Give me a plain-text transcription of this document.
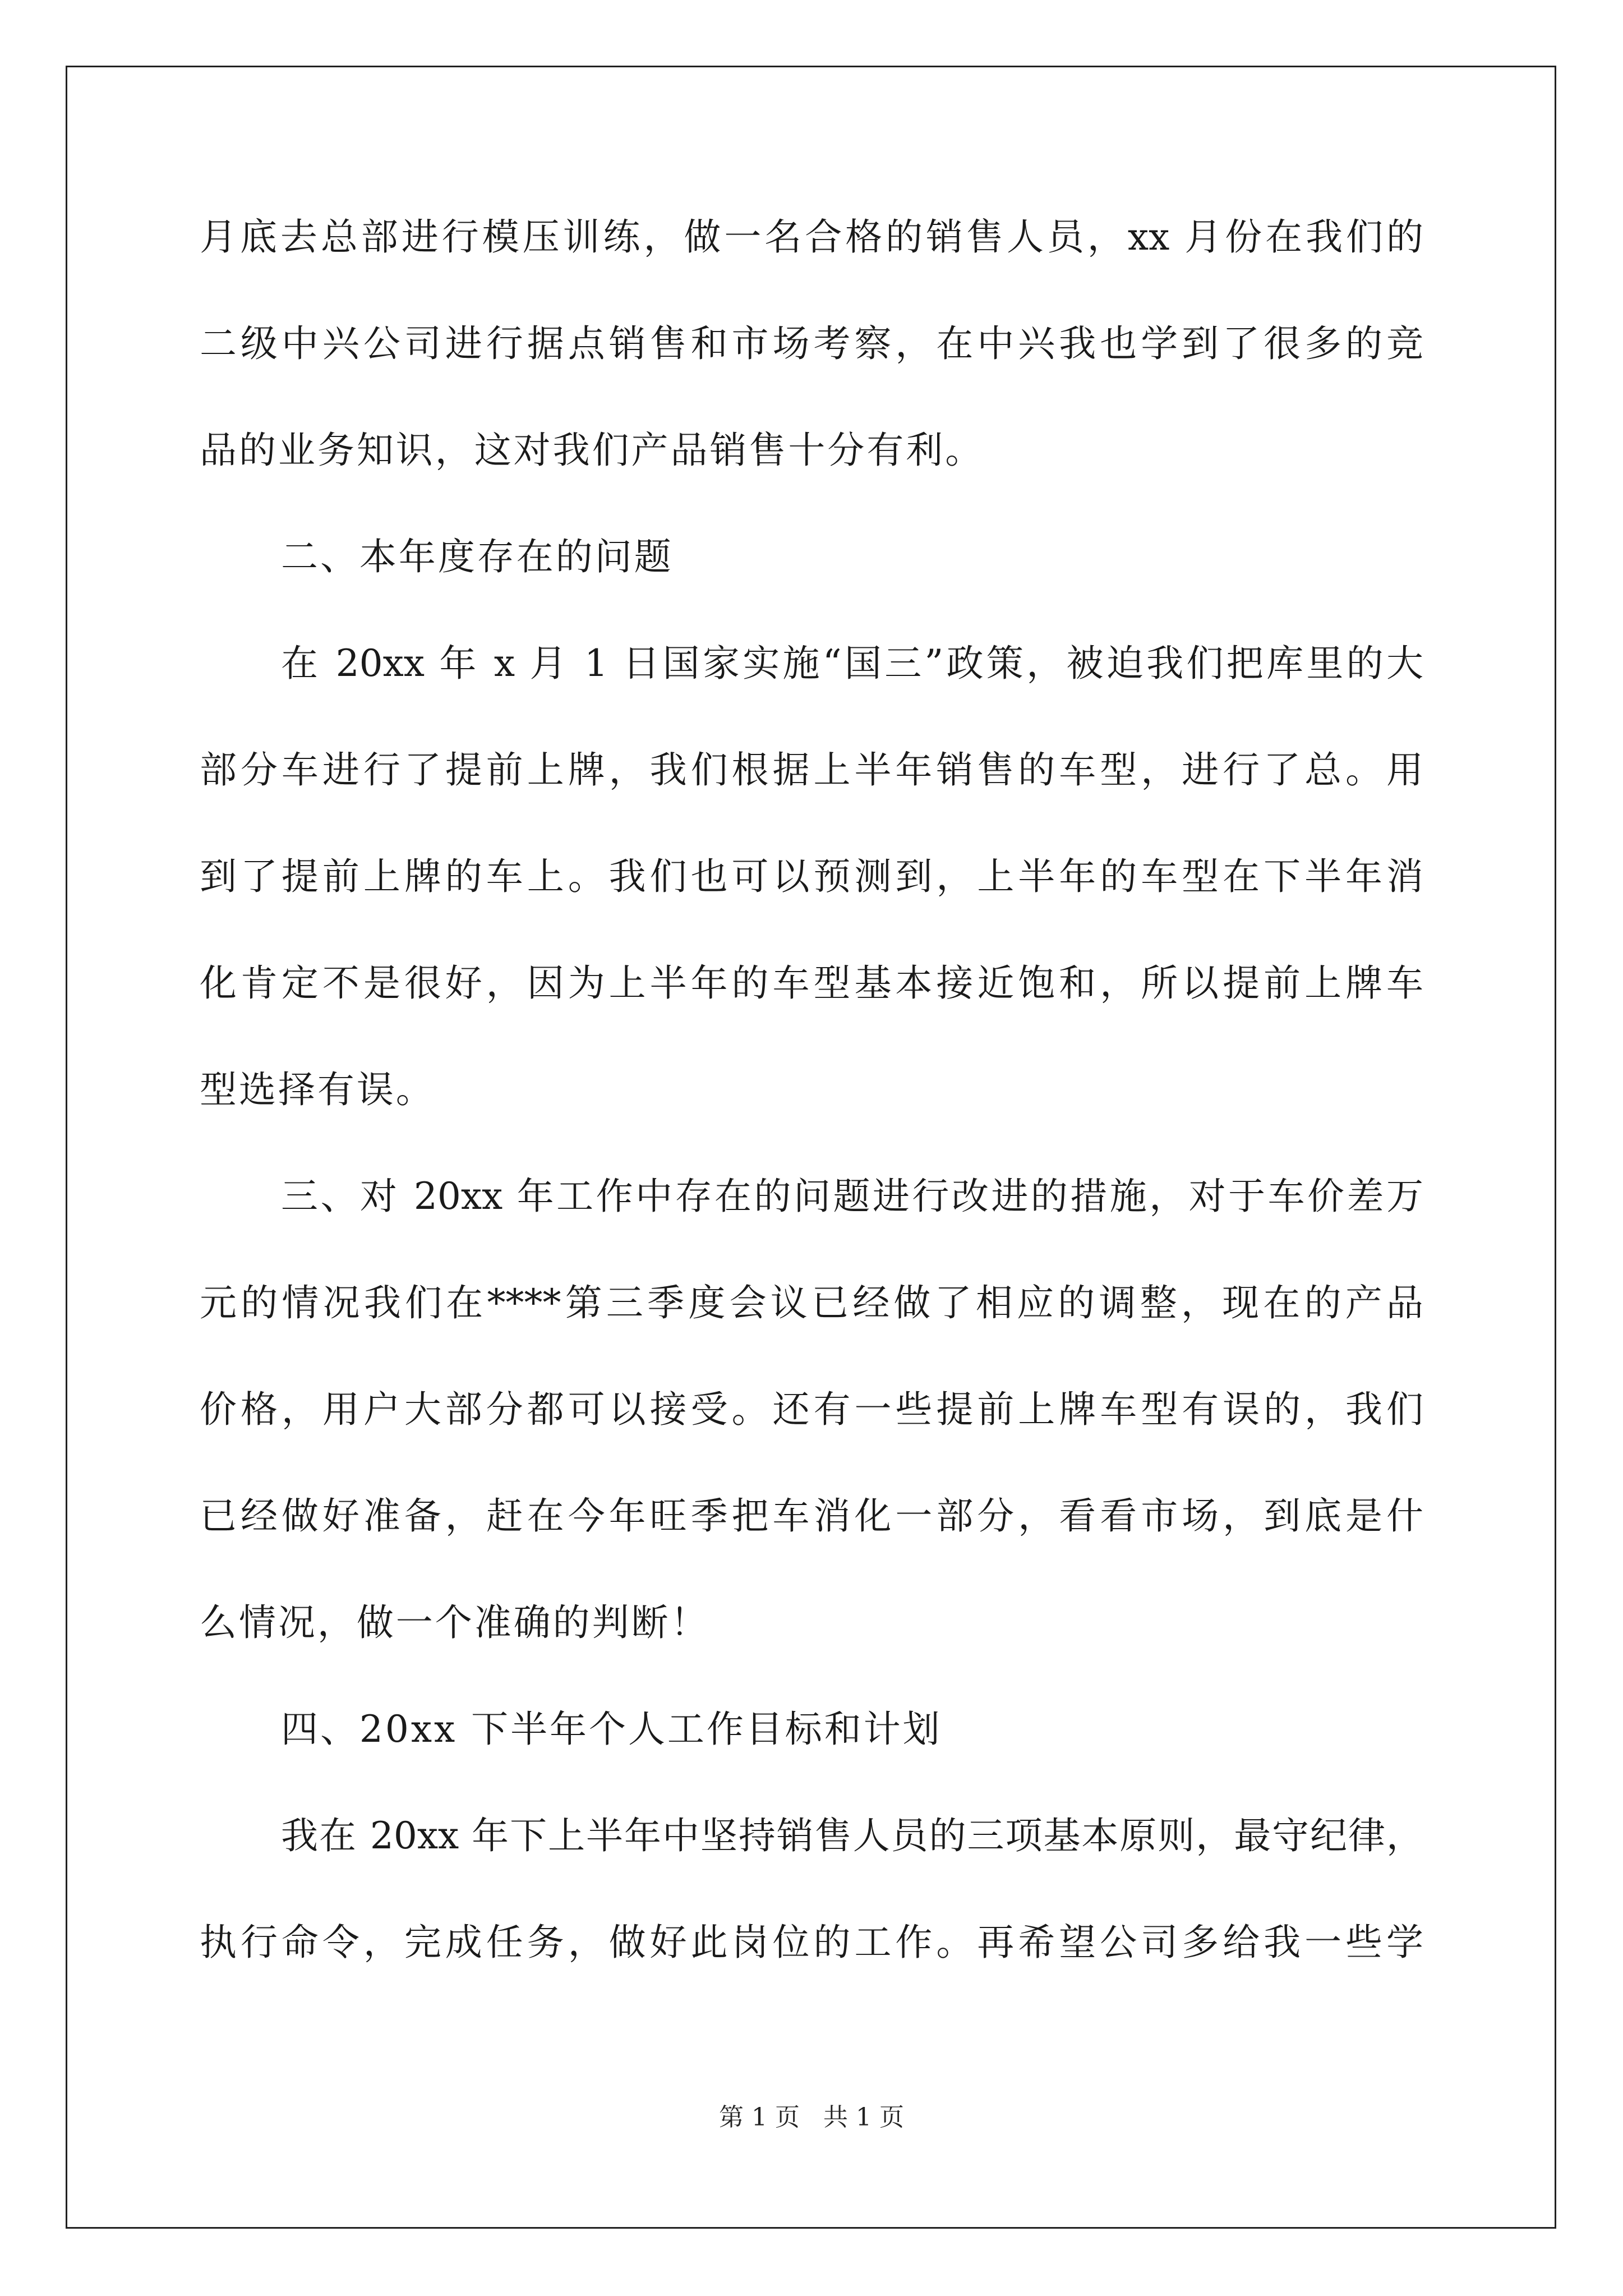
月底去总部进行模压训练，做一名合格的销售人员，xx 月份在我们的
二级中兴公司进行据点销售和市场考察，在中兴我也学到了很多的竞
品的业务知识，这对我们产品销售十分有利。
二、本年度存在的问题
在 20xx 年 x 月 1 日国家实施“国三”政策，被迫我们把库里的大
部分车进行了提前上牌，我们根据上半年销售的车型，进行了总。用
到了提前上牌的车上。我们也可以预测到，上半年的车型在下半年消
化肯定不是很好，因为上半年的车型基本接近饱和，所以提前上牌车
型选择有误。
三、对 20xx 年工作中存在的问题进行改进的措施，对于车价差万
元的情况我们在****第三季度会议已经做了相应的调整，现在的产品
价格，用户大部分都可以接受。还有一些提前上牌车型有误的，我们
已经做好准备，赶在今年旺季把车消化一部分，看看市场，到底是什
么情况，做一个准确的判断！
四、20xx 下半年个人工作目标和计划
我在 20xx 年下上半年中坚持销售人员的三项基本原则，最守纪律，
执行命令，完成任务，做好此岗位的工作。再希望公司多给我一些学
第 1 页   共 1 页
